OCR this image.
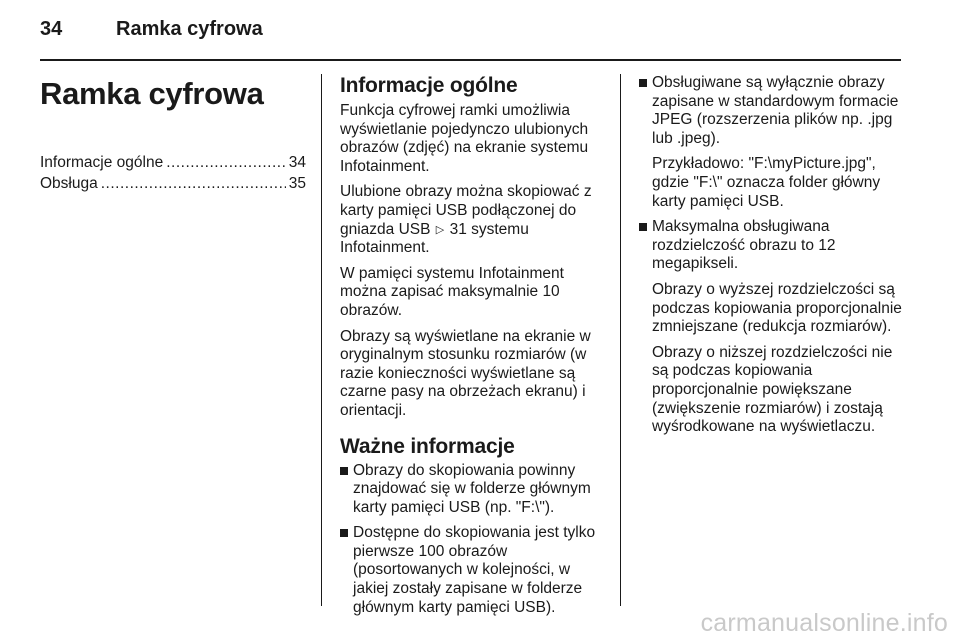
34	Ramka cyfrowa
Ramka cyfrowa
Informacje ogólne .....	34
Obsługa .....	35
Informacje ogólne

Funkcja cyfrowej ramki umożliwia wyświetlanie pojedynczo ulubionych obrazów (zdjęć) na ekranie systemu Infotainment.

Ulubione obrazy można skopiować z karty pamięci USB podłączonej do gniazda USB ▷ 31 systemu Infotainment.

W pamięci systemu Infotainment można zapisać maksymalnie 10 obrazów.

Obrazy są wyświetlane na ekranie w oryginalnym stosunku rozmiarów (w razie konieczności wyświetlane są czarne pasy na obrzeżach ekranu) i orientacji.

Ważne informacje
Obrazy do skopiowania powinny znajdować się w folderze głównym karty pamięci USB (np. "F:\").
Dostępne do skopiowania jest tylko pierwsze 100 obrazów (posortowanych w kolejności, w jakiej zostały zapisane w folderze głównym karty pamięci USB).
Obsługiwane są wyłącznie obrazy zapisane w standardowym formacie JPEG (rozszerzenia plików np. .jpg lub .jpeg).

Przykładowo: "F:\myPicture.jpg", gdzie "F:\" oznacza folder główny karty pamięci USB.

Maksymalna obsługiwana rozdzielczość obrazu to 12 megapikseli.

Obrazy o wyższej rozdzielczości są podczas kopiowania proporcjonalnie zmniejszane (redukcja rozmiarów).

Obrazy o niższej rozdzielczości nie są podczas kopiowania proporcjonalnie powiększane (zwiększenie rozmiarów) i zostają wyśrodkowane na wyświetlaczu.

carmanualsonline.info
